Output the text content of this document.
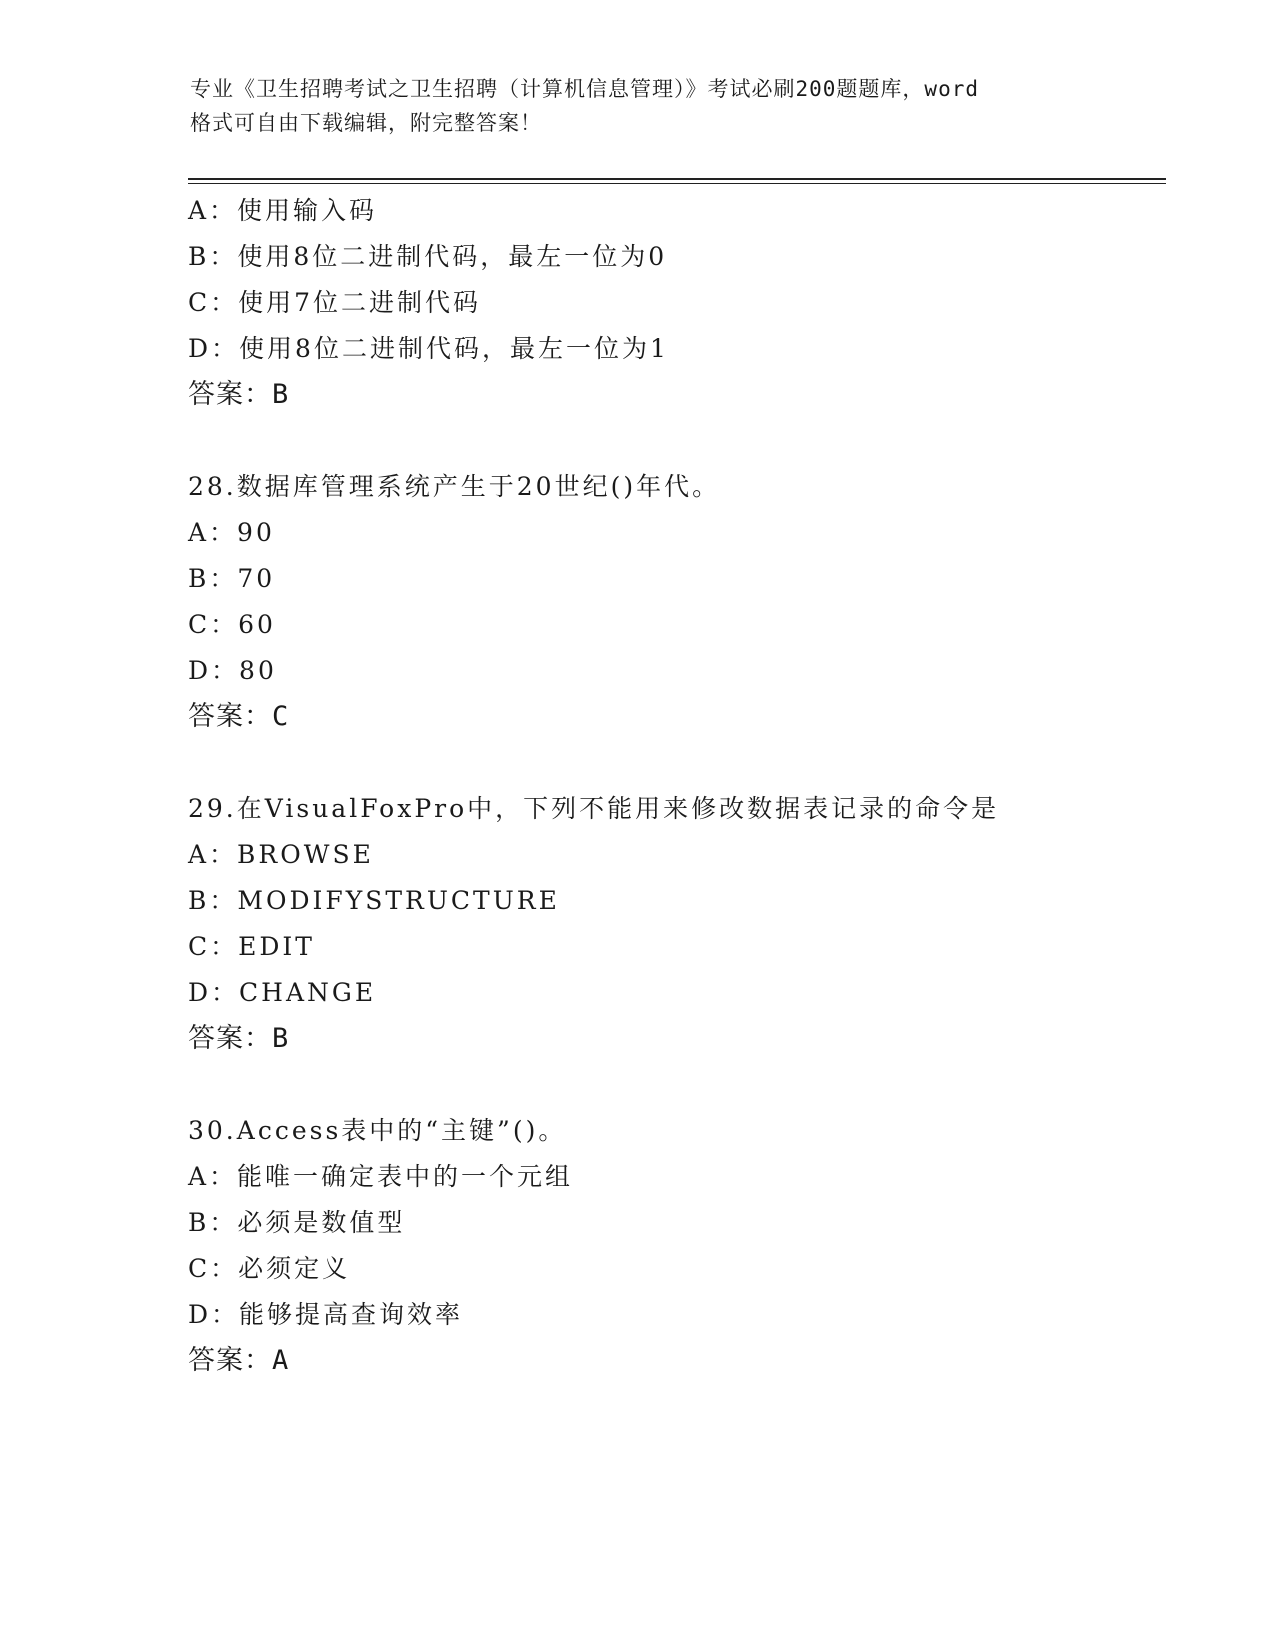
专业《卫生招聘考试之卫生招聘（计算机信息管理）》考试必刷200题题库，word
格式可自由下载编辑，附完整答案！
A：使用输入码
B：使用8位二进制代码，最左一位为0
C：使用7位二进制代码
D：使用8位二进制代码，最左一位为1
答案：B
28.数据库管理系统产生于20世纪()年代。
A：90
B：70
C：60
D：80
答案：C
29.在VisualFoxPro中，下列不能用来修改数据表记录的命令是
A：BROWSE
B：MODIFYSTRUCTURE
C：EDIT
D：CHANGE
答案：B
30.Access表中的“主键”()。
A：能唯一确定表中的一个元组
B：必须是数值型
C：必须定义
D：能够提高查询效率
答案：A
